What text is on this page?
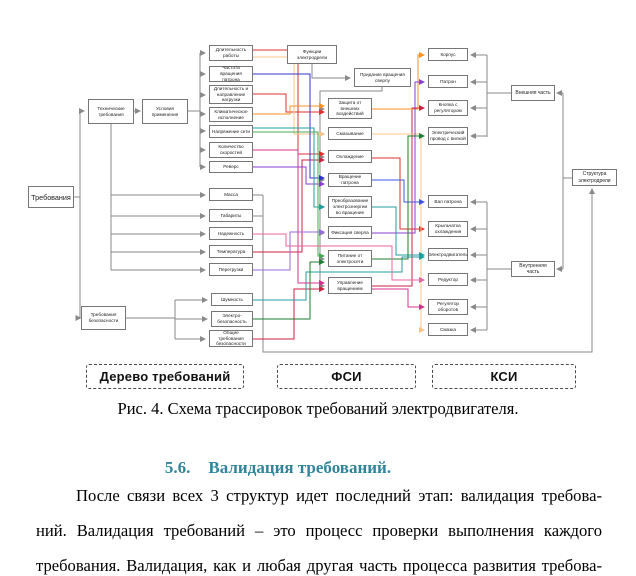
Требования
Технические требования
Условия применения
Требования безопасности
Длительность работы
Частота вращения патрона
Длительность и направление нагрузки
Климатическое исполнение
Напряжение сети
Количество скоростей
Реверс
Масса
Габариты
Надежность
Температура
Перегрузки
Шумность
Электро-безопасность
Общие требования безопасности
Функции электродрели
Придание вращения сверлу
Защита от внешних воздействий
Смазывание
Охлаждение
Вращение патрона
Преобразование электроэнергии во вращение
Фиксация сверла
Питание от электросети
Управление вращением
Корпус
Патрон
Кнопка с регулятором
Электрический провод с вилкой
Вал патрона
Крыльчатка охлаждения
Электродвигатель
Редуктор
Регулятор оборотов
Смазка
Внешняя часть
Внутренняя часть
Структура электродрели
Дерево требований	ФСИ	КСИ
Рис. 4. Схема трассировок требований электродвигателя.
5.6. Валидация требований.
После связи всех 3 структур идет последний этап: валидация требова-
ний. Валидация требований – это процесс проверки выполнения каждого
требования. Валидация, как и любая другая часть процесса развития требова-
